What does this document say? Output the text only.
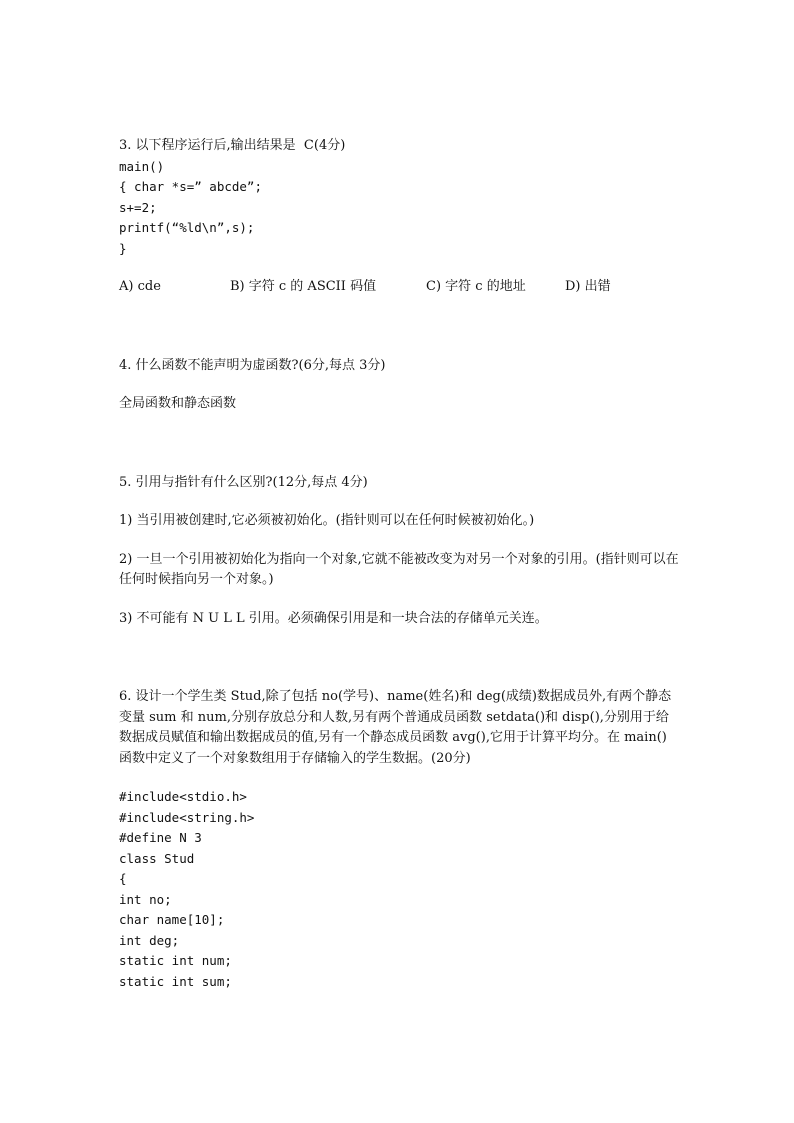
3. 以下程序运行后,输出结果是  C(4分)
main()
{ char *s=” abcde”;
s+=2;
printf(“%ld\n”,s);
}
A) cde	B) 字符 c 的 ASCII 码值	C) 字符 c 的地址	D) 出错
4. 什么函数不能声明为虚函数?(6分,每点 3分)
全局函数和静态函数
5. 引用与指针有什么区别?(12分,每点 4分)
1) 当引用被创建时,它必须被初始化。(指针则可以在任何时候被初始化。)
2) 一旦一个引用被初始化为指向一个对象,它就不能被改变为对另一个对象的引用。(指针则可以在任何时候指向另一个对象。)
3) 不可能有 N U L L 引用。必须确保引用是和一块合法的存储单元关连。
6. 设计一个学生类 Stud,除了包括 no(学号)、name(姓名)和 deg(成绩)数据成员外,有两个静态变量 sum 和 num,分别存放总分和人数,另有两个普通成员函数 setdata()和 disp(),分别用于给数据成员赋值和输出数据成员的值,另有一个静态成员函数 avg(),它用于计算平均分。在 main()函数中定义了一个对象数组用于存储输入的学生数据。(20分)
#include<stdio.h>
#include<string.h>
#define N 3
class Stud
{
int no;
char name[10];
int deg;
static int num;
static int sum;
